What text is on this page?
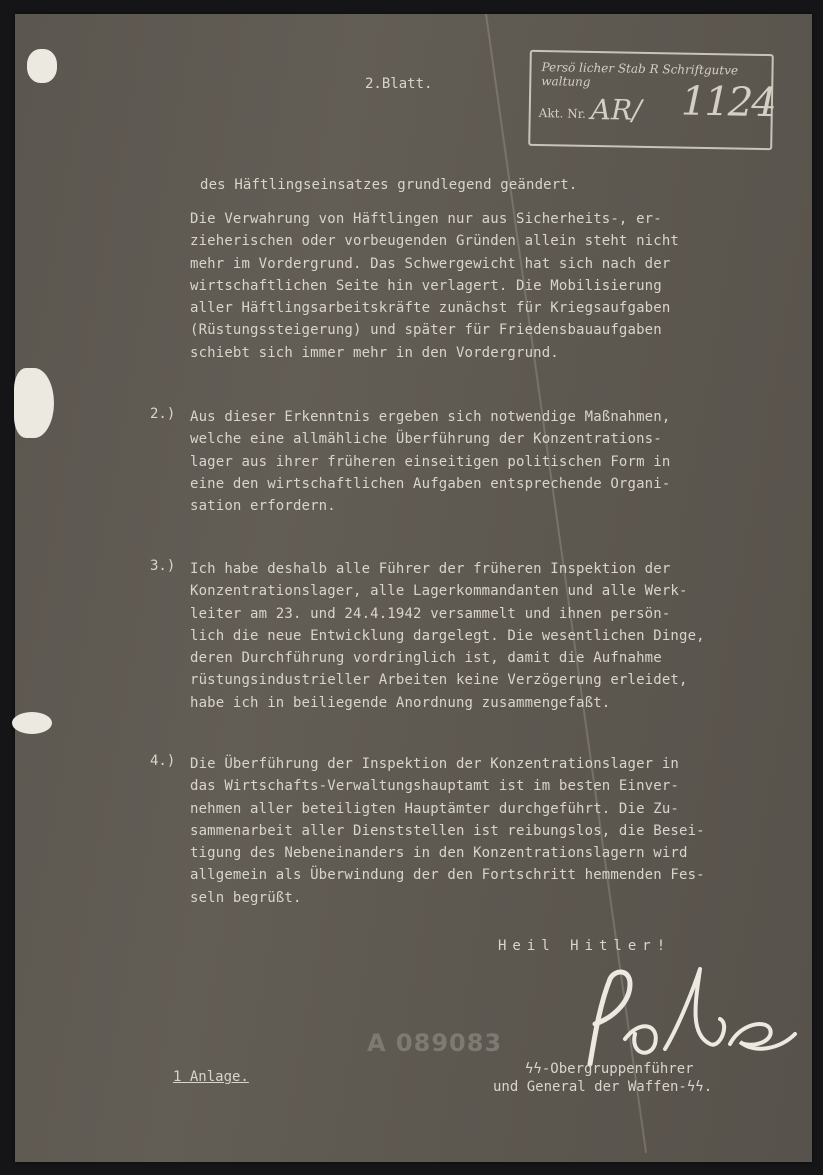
2.Blatt.
Persö licher Stab R Schriftgutve waltung
Akt. Nr. AR/ 1124
des Häftlingseinsatzes grundlegend geändert.
Die Verwahrung von Häftlingen nur aus Sicherheits-, er-
zieherischen oder vorbeugenden Gründen allein steht nicht
mehr im Vordergrund. Das Schwergewicht hat sich nach der
wirtschaftlichen Seite hin verlagert. Die Mobilisierung
aller Häftlingsarbeitskräfte zunächst für Kriegsaufgaben
(Rüstungssteigerung) und später für Friedensbauaufgaben
schiebt sich immer mehr in den Vordergrund.
2.) Aus dieser Erkenntnis ergeben sich notwendige Maßnahmen,
welche eine allmähliche Überführung der Konzentrations-
lager aus ihrer früheren einseitigen politischen Form in
eine den wirtschaftlichen Aufgaben entsprechende Organi-
sation erfordern.
3.) Ich habe deshalb alle Führer der früheren Inspektion der
Konzentrationslager, alle Lagerkommandanten und alle Werk-
leiter am 23. und 24.4.1942 versammelt und ihnen persön-
lich die neue Entwicklung dargelegt. Die wesentlichen Dinge,
deren Durchführung vordringlich ist, damit die Aufnahme
rüstungsindustrieller Arbeiten keine Verzögerung erleidet,
habe ich in beiliegende Anordnung zusammengefaßt.
4.) Die Überführung der Inspektion der Konzentrationslager in
das Wirtschafts-Verwaltungshauptamt ist im besten Einver-
nehmen aller beteiligten Hauptämter durchgeführt. Die Zu-
sammenarbeit aller Dienststellen ist reibungslos, die Besei-
tigung des Nebeneinanders in den Konzentrationslagern wird
allgemein als Überwindung der den Fortschritt hemmenden Fes-
seln begrüßt.
Heil Hitler!
A 089083
1 Anlage.	ϟϟ-Obergruppenführer
und General der Waffen-ϟϟ.
